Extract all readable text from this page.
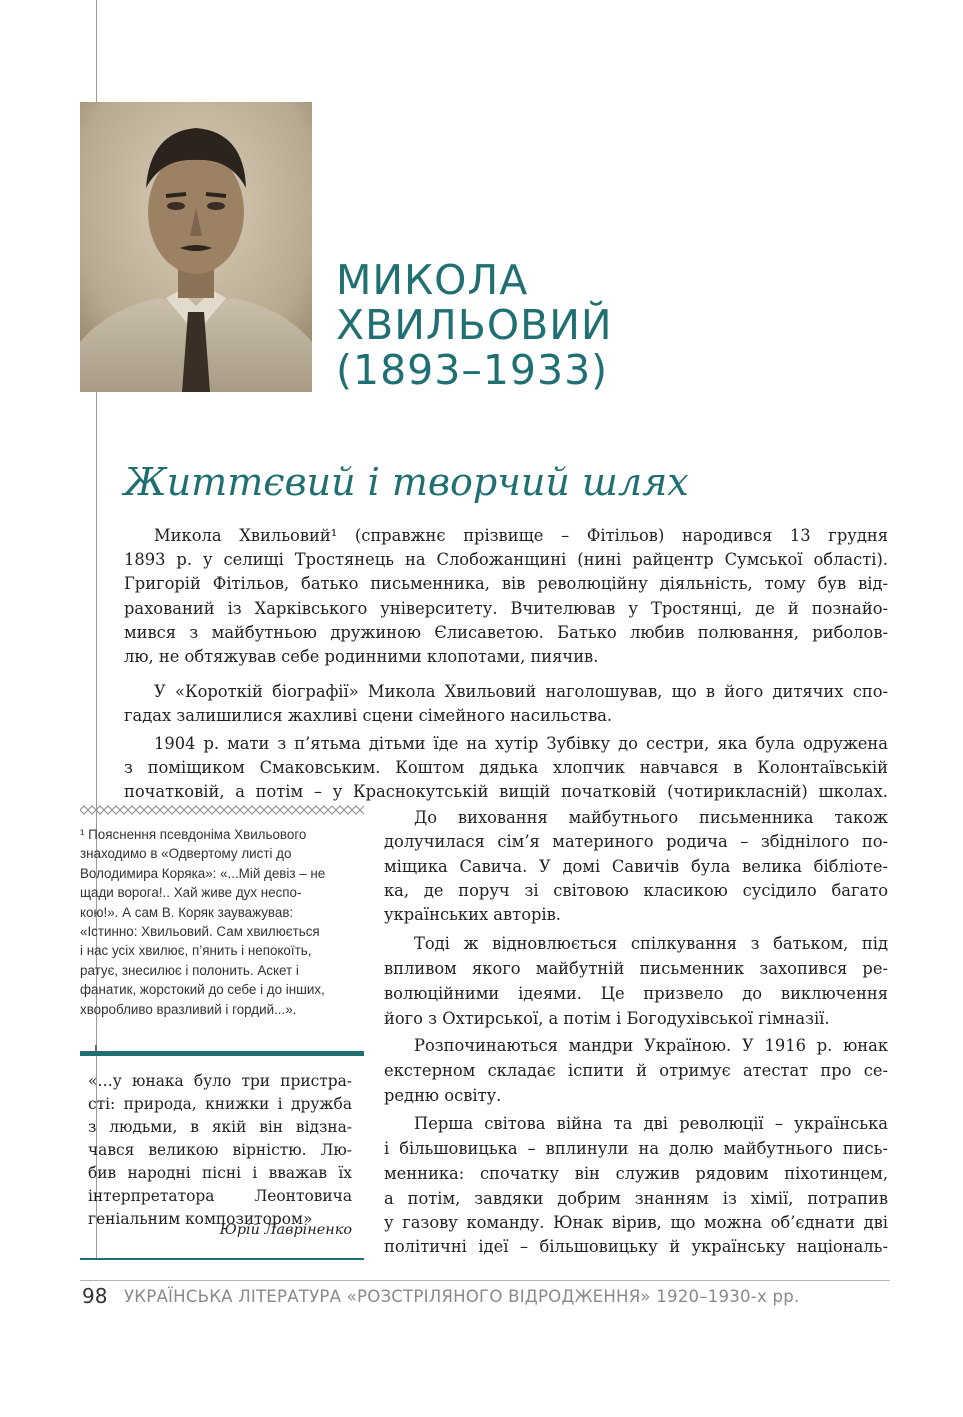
МИКОЛА
ХВИЛЬОВИЙ
(1893–1933)
Життєвий і творчий шлях
Микола Хвильовий¹ (справжнє прізвище – Фітільов) народився 13 грудня
1893 р. у селищі Тростянець на Слобожанщині (нині райцентр Сумської області).
Григорій Фітільов, батько письменника, вів революційну діяльність, тому був від-
рахований із Харківського університету. Вчителював у Тростянці, де й познайо-
мився з майбутньою дружиною Єлисаветою. Батько любив полювання, риболов-
лю, не обтяжував себе родинними клопотами, пиячив.
У «Короткій біографії» Микола Хвильовий наголошував, що в його дитячих спо-
гадах залишилися жахливі сцени сімейного насильства.
1904 р. мати з п’ятьма дітьми їде на хутір Зубівку до сестри, яка була одружена
з поміщиком Смаковським. Коштом дядька хлопчик навчався в Колонтаївській
початковій, а потім – у Краснокутській вищій початковій (чотирикласній) школах.
До виховання майбутнього письменника також
долучилася сім’я материного родича – збіднілого по-
міщика Савича. У домі Савичів була велика бібліоте-
ка, де поруч зі світовою класикою сусідило багато
українських авторів.
Тоді ж відновлюється спілкування з батьком, під
впливом якого майбутній письменник захопився ре-
волюційними ідеями. Це призвело до виключення
його з Охтирської, а потім і Богодухівської гімназії.
Розпочинаються мандри Україною. У 1916 р. юнак
екстерном складає іспити й отримує атестат про се-
редню освіту.
Перша світова війна та дві революції – українська
і більшовицька – вплинули на долю майбутнього пись-
менника: спочатку він служив рядовим піхотинцем,
а потім, завдяки добрим знанням із хімії, потрапив
у газову команду. Юнак вірив, що можна об’єднати дві
політичні ідеї – більшовицьку й українську національ-
¹ Пояснення псевдоніма Хвильового
знаходимо в «Одвертому листі до
Володимира Коряка»: «...Мій девіз – не
щади ворога!.. Хай живе дух неспо-
кою!». А сам В. Коряк зауважував:
«Істинно: Хвильовий. Сам хвилюється
і нас усіх хвилює, п’янить і непокоїть,
ратує, знесилює і полонить. Аскет і
фанатик, жорстокий до себе і до інших,
хворобливо вразливий і гордий...».
«…у юнака було три пристра-
сті: природа, книжки і дружба
з людьми, в якій він відзна-
чався великою вірністю. Лю-
бив народні пісні і вважав їх
інтерпретатора Леонтовича
геніальним композитором»
Юрій Лавріненко
98 УКРАЇНСЬКА ЛІТЕРАТУРА «РОЗСТРІЛЯНОГО ВІДРОДЖЕННЯ» 1920–1930-х рр.
